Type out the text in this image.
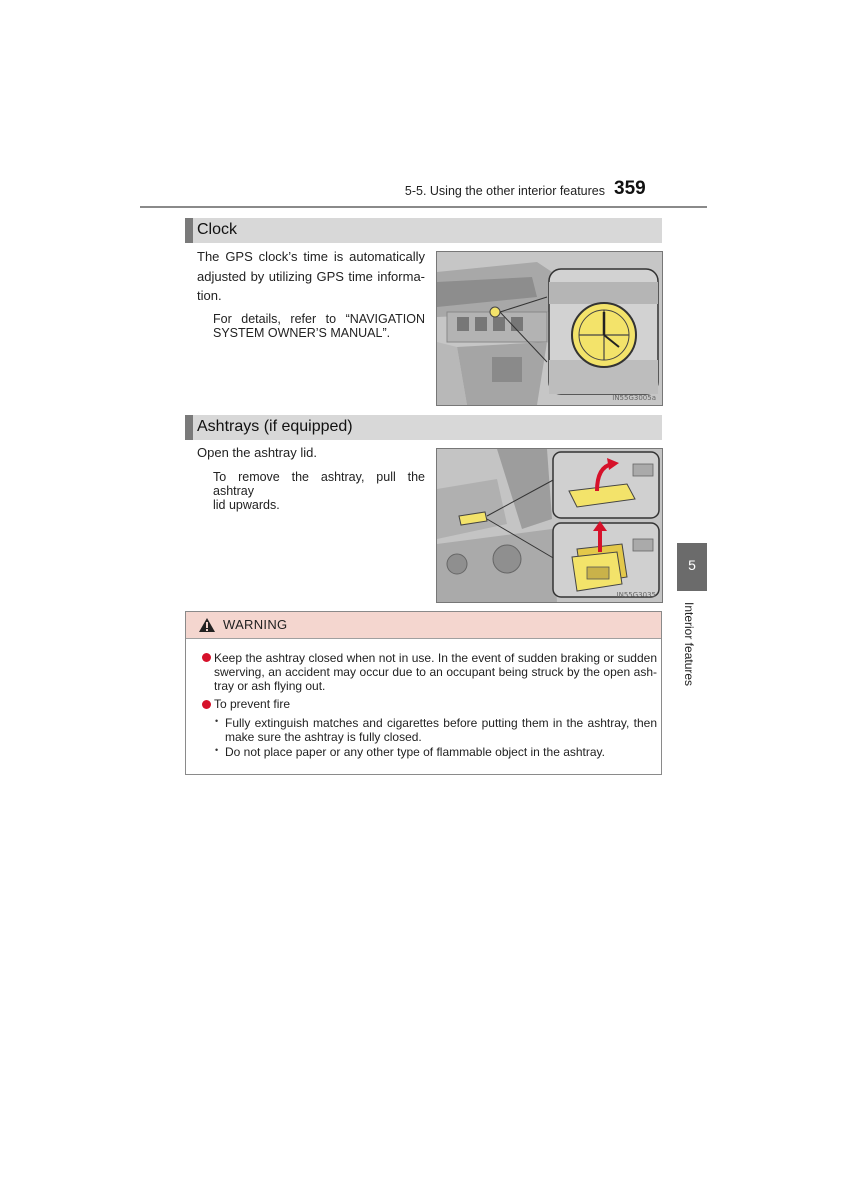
5-5. Using the other interior features 359
Clock
The GPS clock’s time is automatically
adjusted by utilizing GPS time informa-
tion.
For details, refer to “NAVIGATION
SYSTEM OWNER’S MANUAL”.
IN55G3005a
Ashtrays (if equipped)
Open the ashtray lid.
To remove the ashtray, pull the ashtray
lid upwards.
IN55G3035
WARNING
Keep the ashtray closed when not in use. In the event of sudden braking or sudden
swerving, an accident may occur due to an occupant being struck by the open ash-
tray or ash flying out.
To prevent fire
• Fully extinguish matches and cigarettes before putting them in the ashtray, then
make sure the ashtray is fully closed.
• Do not place paper or any other type of flammable object in the ashtray.
5
Interior features
